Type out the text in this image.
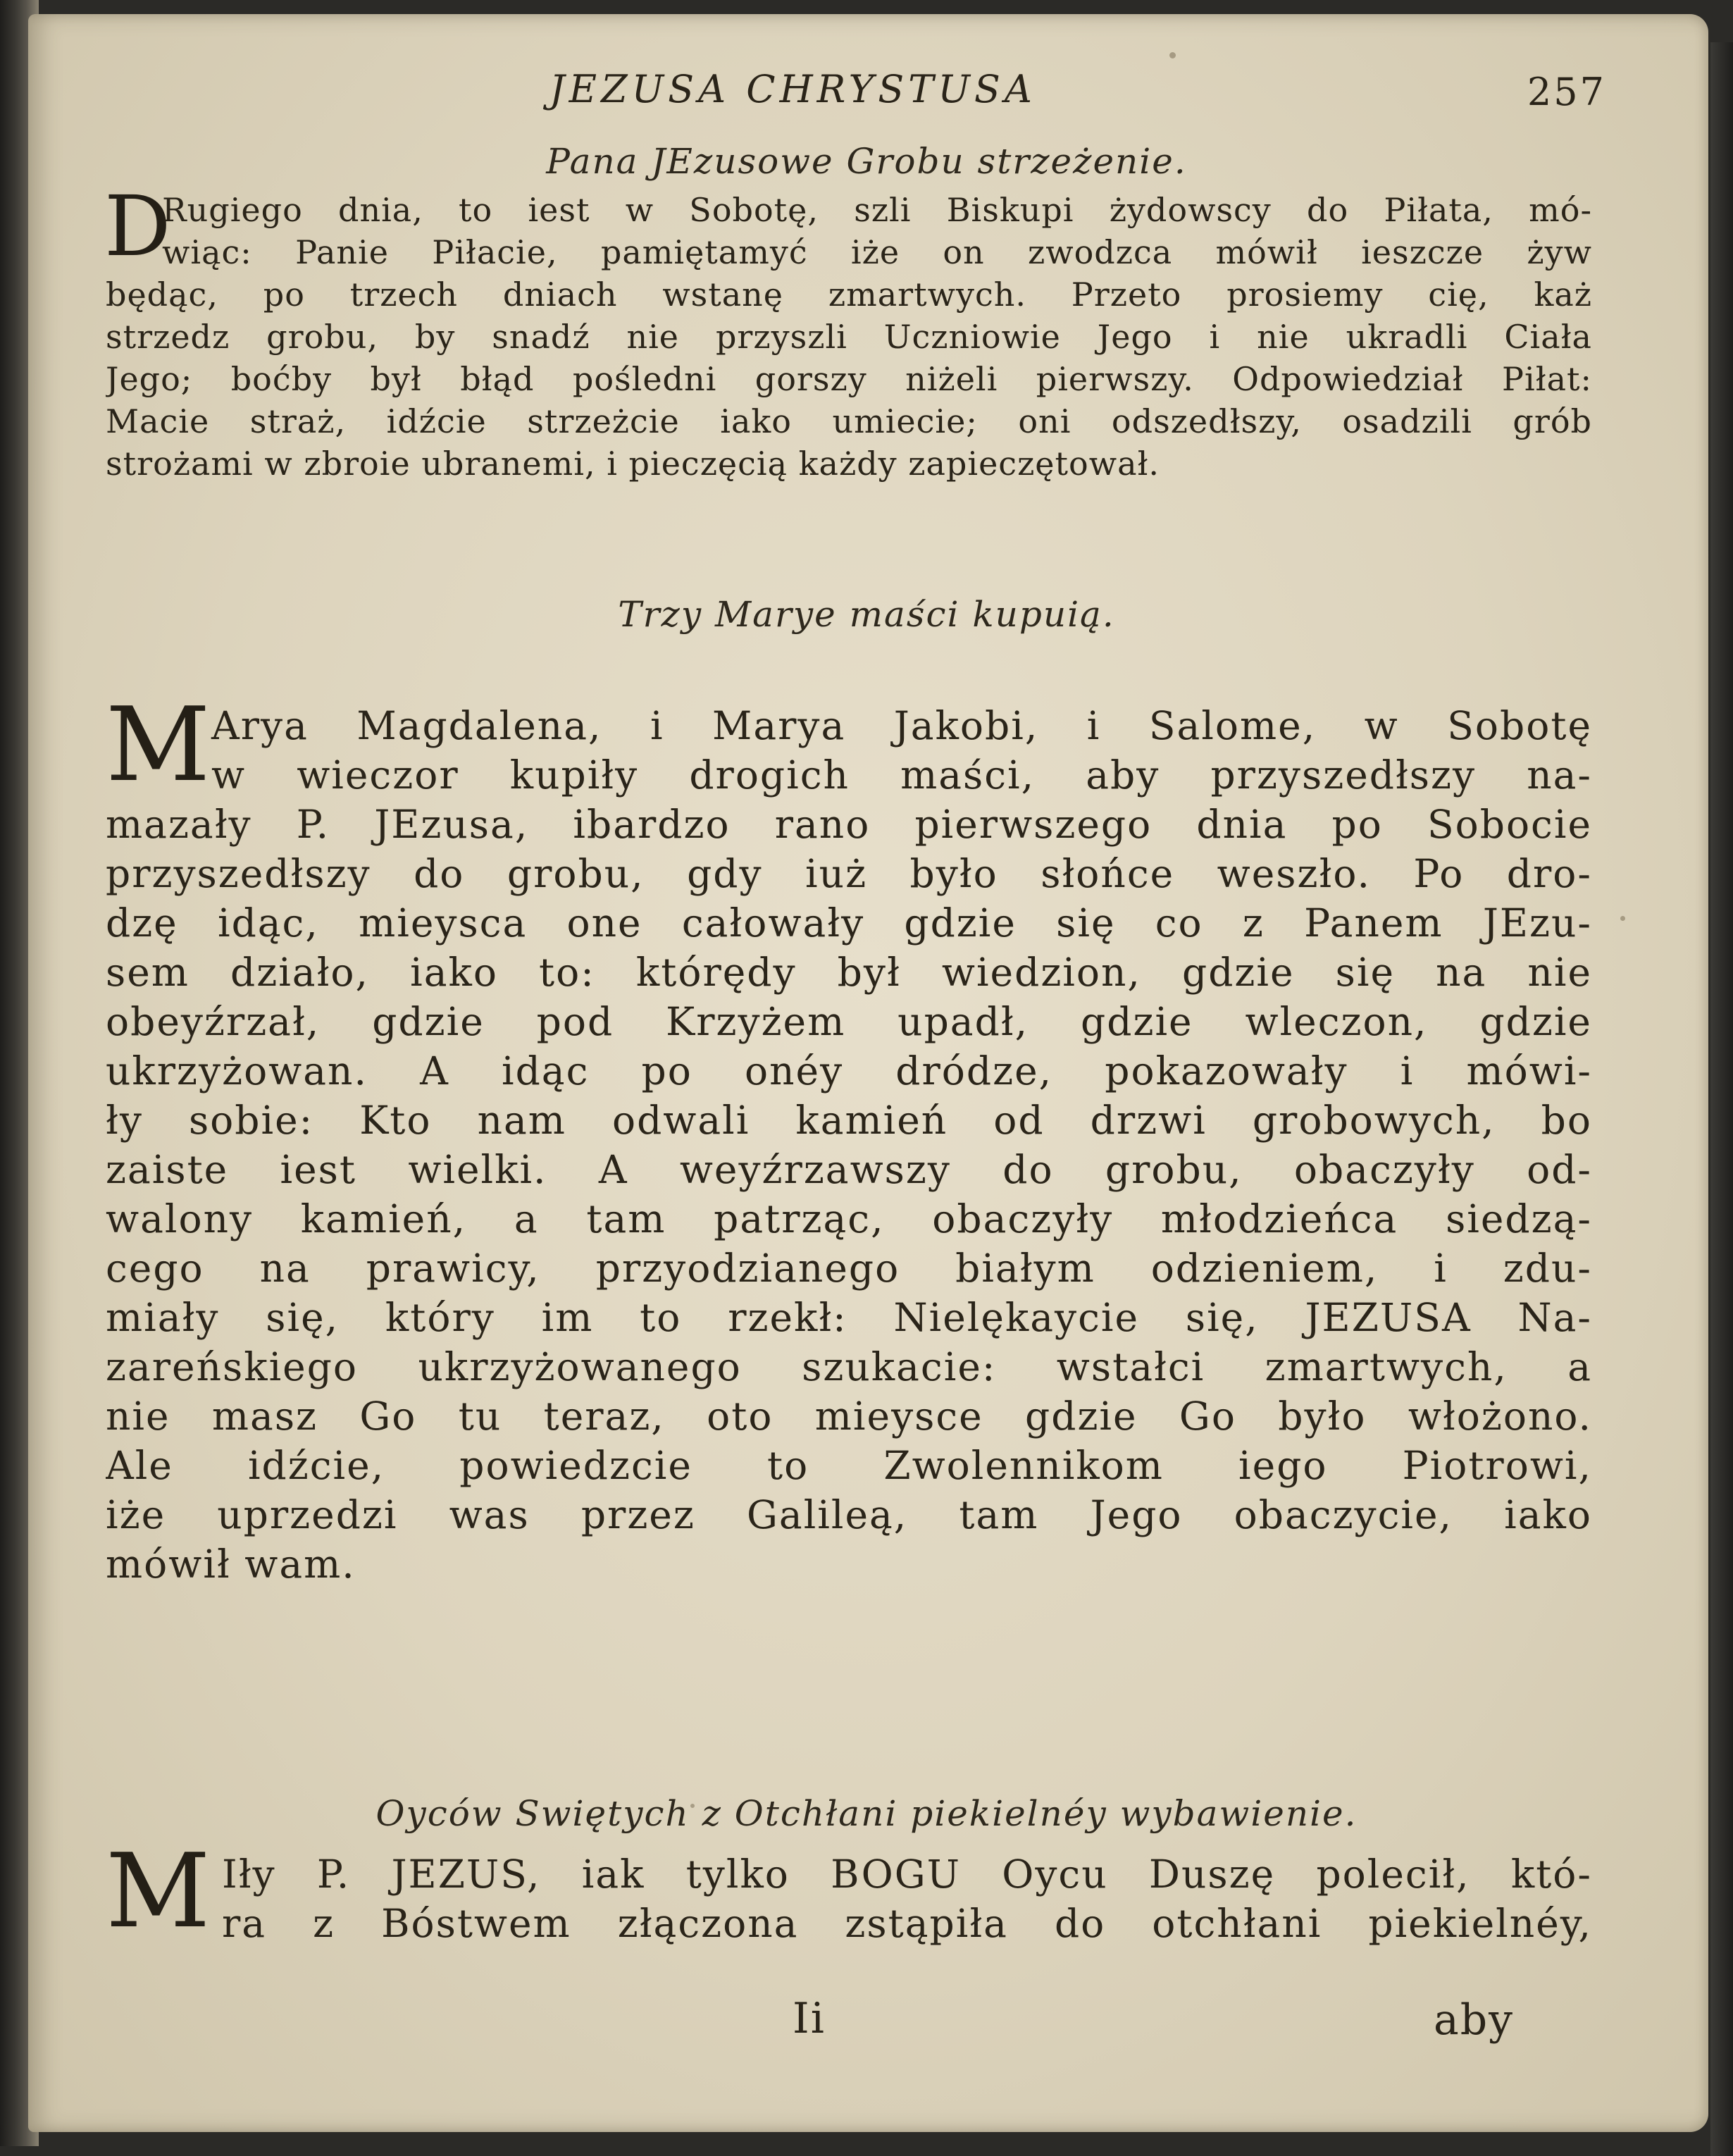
JEZUSA CHRYSTUSA	257
Pana JEzusowe Grobu strzeżenie.
D
Rugiego dnia, to iest w Sobotę, szli Biskupi żydowscy do Piłata, mó-
wiąc: Panie Piłacie, pamiętamyć iże on zwodzca mówił ieszcze żyw
będąc, po trzech dniach wstanę zmartwych. Przeto prosiemy cię, każ
strzedz grobu, by snadź nie przyszli Uczniowie Jego i nie ukradli Ciała
Jego; boćby był błąd pośledni gorszy niżeli pierwszy. Odpowiedział Piłat:
Macie straż, idźcie strzeżcie iako umiecie; oni odszedłszy, osadzili grób
strożami w zbroie ubranemi, i pieczęcią każdy zapieczętował.
Trzy Marye maści kupuią.
M Arya Magdalena, i Marya Jakobi, i Salome, w Sobotę
w wieczor kupiły drogich maści, aby przyszedłszy na-
mazały P. JEzusa, ibardzo rano pierwszego dnia po Sobocie
przyszedłszy do grobu, gdy iuż było słońce weszło. Po dro-
dzę idąc, mieysca one całowały gdzie się co z Panem JEzu-
sem działo, iako to: którędy był wiedzion, gdzie się na nie
obeyźrzał, gdzie pod Krzyżem upadł, gdzie wleczon, gdzie
ukrzyżowan. A idąc po onéy drόdze, pokazowały i mówi-
ły sobie: Kto nam odwali kamień od drzwi grobowych, bo
zaiste iest wielki. A weyźrzawszy do grobu, obaczyły od-
walony kamień, a tam patrząc, obaczyły młodzieńca siedzą-
cego na prawicy, przyodzianego białym odzieniem, i zdu-
miały się, który im to rzekł: Nielękaycie się, JEZUSA Na-
zareńskiego ukrzyżowanego szukacie: wstałci zmartwych, a
nie masz Go tu teraz, oto mieysce gdzie Go było włożono.
Ale idźcie, powiedzcie to Zwolennikom iego Piotrowi,
iże uprzedzi was przez Galileą, tam Jego obaczycie, iako
mówił wam.
Oyców Swiętych z Otchłani piekielnéy wybawienie.
M Iły P. JEZUS, iak tylko BOGU Oycu Duszę polecił, któ-
ra z Bóstwem złączona zstąpiła do otchłani piekielnéy,
Ii	aby
